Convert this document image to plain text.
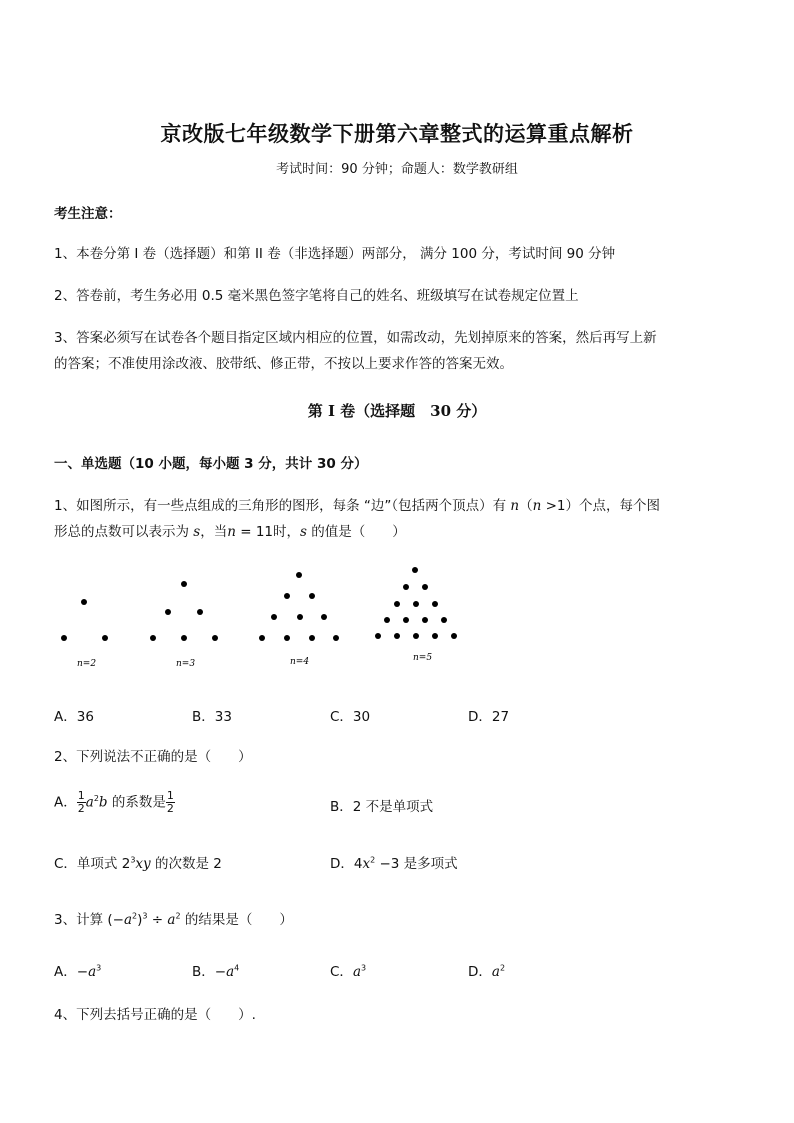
京改版七年级数学下册第六章整式的运算重点解析
考试时间：90 分钟；命题人：数学教研组
考生注意：
1、本卷分第 I 卷（选择题）和第 II 卷（非选择题）两部分， 满分 100 分，考试时间 90 分钟
2、答卷前，考生务必用 0.5 毫米黑色签字笔将自己的姓名、班级填写在试卷规定位置上
3、答案必须写在试卷各个题目指定区域内相应的位置，如需改动，先划掉原来的答案，然后再写上新
的答案；不准使用涂改液、胶带纸、修正带，不按以上要求作答的答案无效。
第 I 卷（选择题　30 分）
一、单选题（10 小题，每小题 3 分，共计 30 分）
1、如图所示，有一些点组成的三角形的图形，每条 “边”（包括两个顶点）有 n（n >1）个点，每个图
形总的点数可以表示为 s，当n = 11时，s 的值是（　　）
n=2	n=3	n=4	n=5
A．36	B．33	C．30	D．27
2、下列说法不正确的是（　　）
A． $\frac{1}{2} a^2b$ 的系数是 $\frac{1}{2}$	B．2 不是单项式
C．单项式 $2^3xy$ 的次数是 2	D．$4x^2 -3$ 是多项式
3、计算 $(-a^2)^3 \div a^2$ 的结果是（　　）
A．$-a^3$	B．$-a^4$	C．$a^3$	D．$a^2$
4、下列去括号正确的是（　　）.
